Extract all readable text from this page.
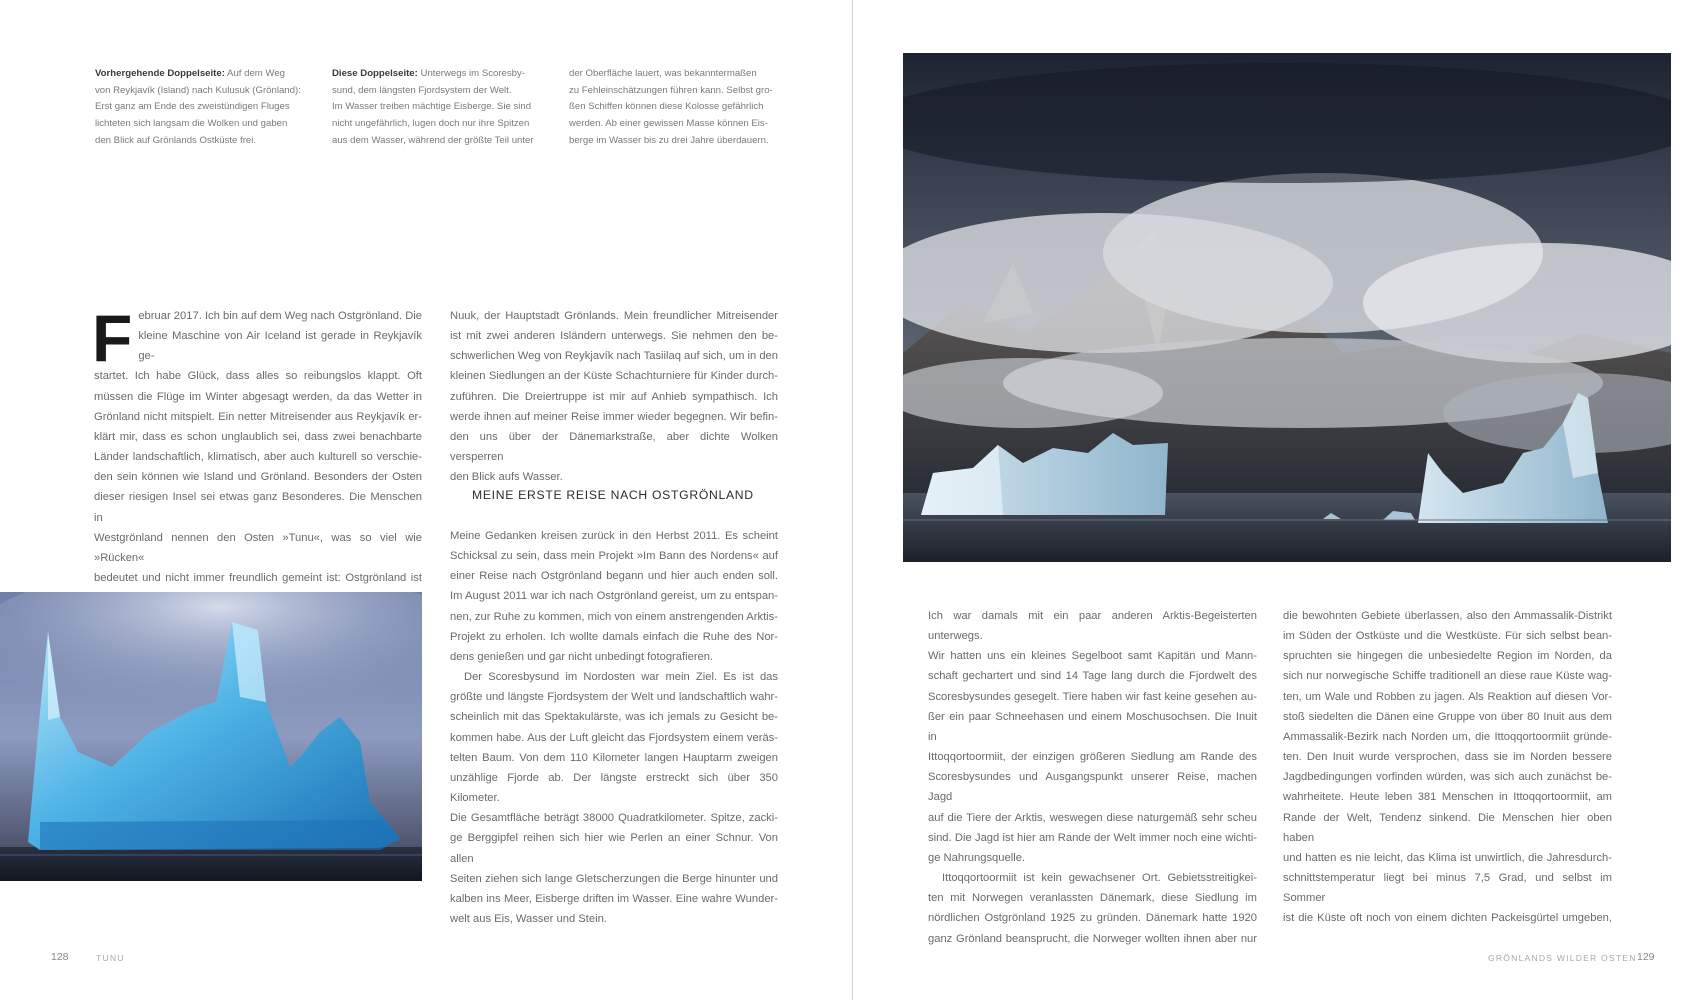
Vorhergehende Doppelseite: Auf dem Weg
von Reykjavík (Island) nach Kulusuk (Grönland):
Erst ganz am Ende des zweistündigen Fluges
lichteten sich langsam die Wolken und gaben
den Blick auf Grönlands Ostküste frei.
Diese Doppelseite: Unterwegs im Scoresby-
sund, dem längsten Fjordsystem der Welt.
Im Wasser treiben mächtige Eisberge. Sie sind
nicht ungefährlich, lugen doch nur ihre Spitzen
aus dem Wasser, während der größte Teil unter
der Oberfläche lauert, was bekanntermaßen
zu Fehleinschätzungen führen kann. Selbst gro-
ßen Schiffen können diese Kolosse gefährlich
werden. Ab einer gewissen Masse können Eis-
berge im Wasser bis zu drei Jahre überdauern.
F ebruar 2017. Ich bin auf dem Weg nach Ostgrönland. Die

kleine Maschine von Air Iceland ist gerade in Reykjavík ge-

startet. Ich habe Glück, dass alles so reibungslos klappt. Oft

müssen die Flüge im Winter abgesagt werden, da das Wetter in

Grönland nicht mitspielt. Ein netter Mitreisender aus Reykjavík er-

klärt mir, dass es schon unglaublich sei, dass zwei benachbarte

Länder landschaftlich, klimatisch, aber auch kulturell so verschie-

den sein können wie Island und Grönland. Besonders der Osten

dieser riesigen Insel sei etwas ganz Besonderes. Die Menschen in

Westgrönland nennen den Osten »Tunu«, was so viel wie »Rücken«

bedeutet und nicht immer freundlich gemeint ist: Ostgrönland ist

Nuuk, der Hauptstadt Grönlands. Mein freundlicher Mitreisender

ist mit zwei anderen Isländern unterwegs. Sie nehmen den be-

schwerlichen Weg von Reykjavík nach Tasiilaq auf sich, um in den

kleinen Siedlungen an der Küste Schachturniere für Kinder durch-

zuführen. Die Dreiertruppe ist mir auf Anhieb sympathisch. Ich

werde ihnen auf meiner Reise immer wieder begegnen. Wir befin-

den uns über der Dänemarkstraße, aber dichte Wolken versperren

den Blick aufs Wasser.

MEINE ERSTE REISE NACH OSTGRÖNLAND

Meine Gedanken kreisen zurück in den Herbst 2011. Es scheint

Schicksal zu sein, dass mein Projekt »Im Bann des Nordens« auf

einer Reise nach Ostgrönland begann und hier auch enden soll.

Im August 2011 war ich nach Ostgrönland gereist, um zu entspan-

nen, zur Ruhe zu kommen, mich von einem anstrengenden Arktis-

Projekt zu erholen. Ich wollte damals einfach die Ruhe des Nor-

dens genießen und gar nicht unbedingt fotografieren.

Der Scoresbysund im Nordosten war mein Ziel. Es ist das

größte und längste Fjordsystem der Welt und landschaftlich wahr-

scheinlich mit das Spektakulärste, was ich jemals zu Gesicht be-

kommen habe. Aus der Luft gleicht das Fjordsystem einem veräs-

telten Baum. Von dem 110 Kilometer langen Hauptarm zweigen

unzählige Fjorde ab. Der längste erstreckt sich über 350 Kilometer.

Die Gesamtfläche beträgt 38000 Quadratkilometer. Spitze, zacki-

ge Berggipfel reihen sich hier wie Perlen an einer Schnur. Von allen

Seiten ziehen sich lange Gletscherzungen die Berge hinunter und

kalben ins Meer, Eisberge driften im Wasser. Eine wahre Wunder-

welt aus Eis, Wasser und Stein.

Ich war damals mit ein paar anderen Arktis-Begeisterten unterwegs.

Wir hatten uns ein kleines Segelboot samt Kapitän und Mann-

schaft gechartert und sind 14 Tage lang durch die Fjordwelt des

Scoresbysundes gesegelt. Tiere haben wir fast keine gesehen au-

ßer ein paar Schneehasen und einem Moschusochsen. Die Inuit in

Ittoqqortoormiit, der einzigen größeren Siedlung am Rande des

Scoresbysundes und Ausgangspunkt unserer Reise, machen Jagd

auf die Tiere der Arktis, weswegen diese naturgemäß sehr scheu

sind. Die Jagd ist hier am Rande der Welt immer noch eine wichti-

ge Nahrungsquelle.

Ittoqqortoormiit ist kein gewachsener Ort. Gebietsstreitigkei-

ten mit Norwegen veranlassten Dänemark, diese Siedlung im

nördlichen Ostgrönland 1925 zu gründen. Dänemark hatte 1920

ganz Grönland beansprucht, die Norweger wollten ihnen aber nur

die bewohnten Gebiete überlassen, also den Ammassalik-Distrikt

im Süden der Ostküste und die Westküste. Für sich selbst bean-

spruchten sie hingegen die unbesiedelte Region im Norden, da

sich nur norwegische Schiffe traditionell an diese raue Küste wag-

ten, um Wale und Robben zu jagen. Als Reaktion auf diesen Vor-

stoß siedelten die Dänen eine Gruppe von über 80 Inuit aus dem

Ammassalik-Bezirk nach Norden um, die Ittoqqortoormiit gründe-

ten. Den Inuit wurde versprochen, dass sie im Norden bessere

Jagdbedingungen vorfinden würden, was sich auch zunächst be-

wahrheitete. Heute leben 381 Menschen in Ittoqqortoormiit, am

Rande der Welt, Tendenz sinkend. Die Menschen hier oben haben

und hatten es nie leicht, das Klima ist unwirtlich, die Jahresdurch-

schnittstemperatur liegt bei minus 7,5 Grad, und selbst im Sommer

ist die Küste oft noch von einem dichten Packeisgürtel umgeben,

128	TUNU	GRÖNLANDS WILDER OSTEN 129
